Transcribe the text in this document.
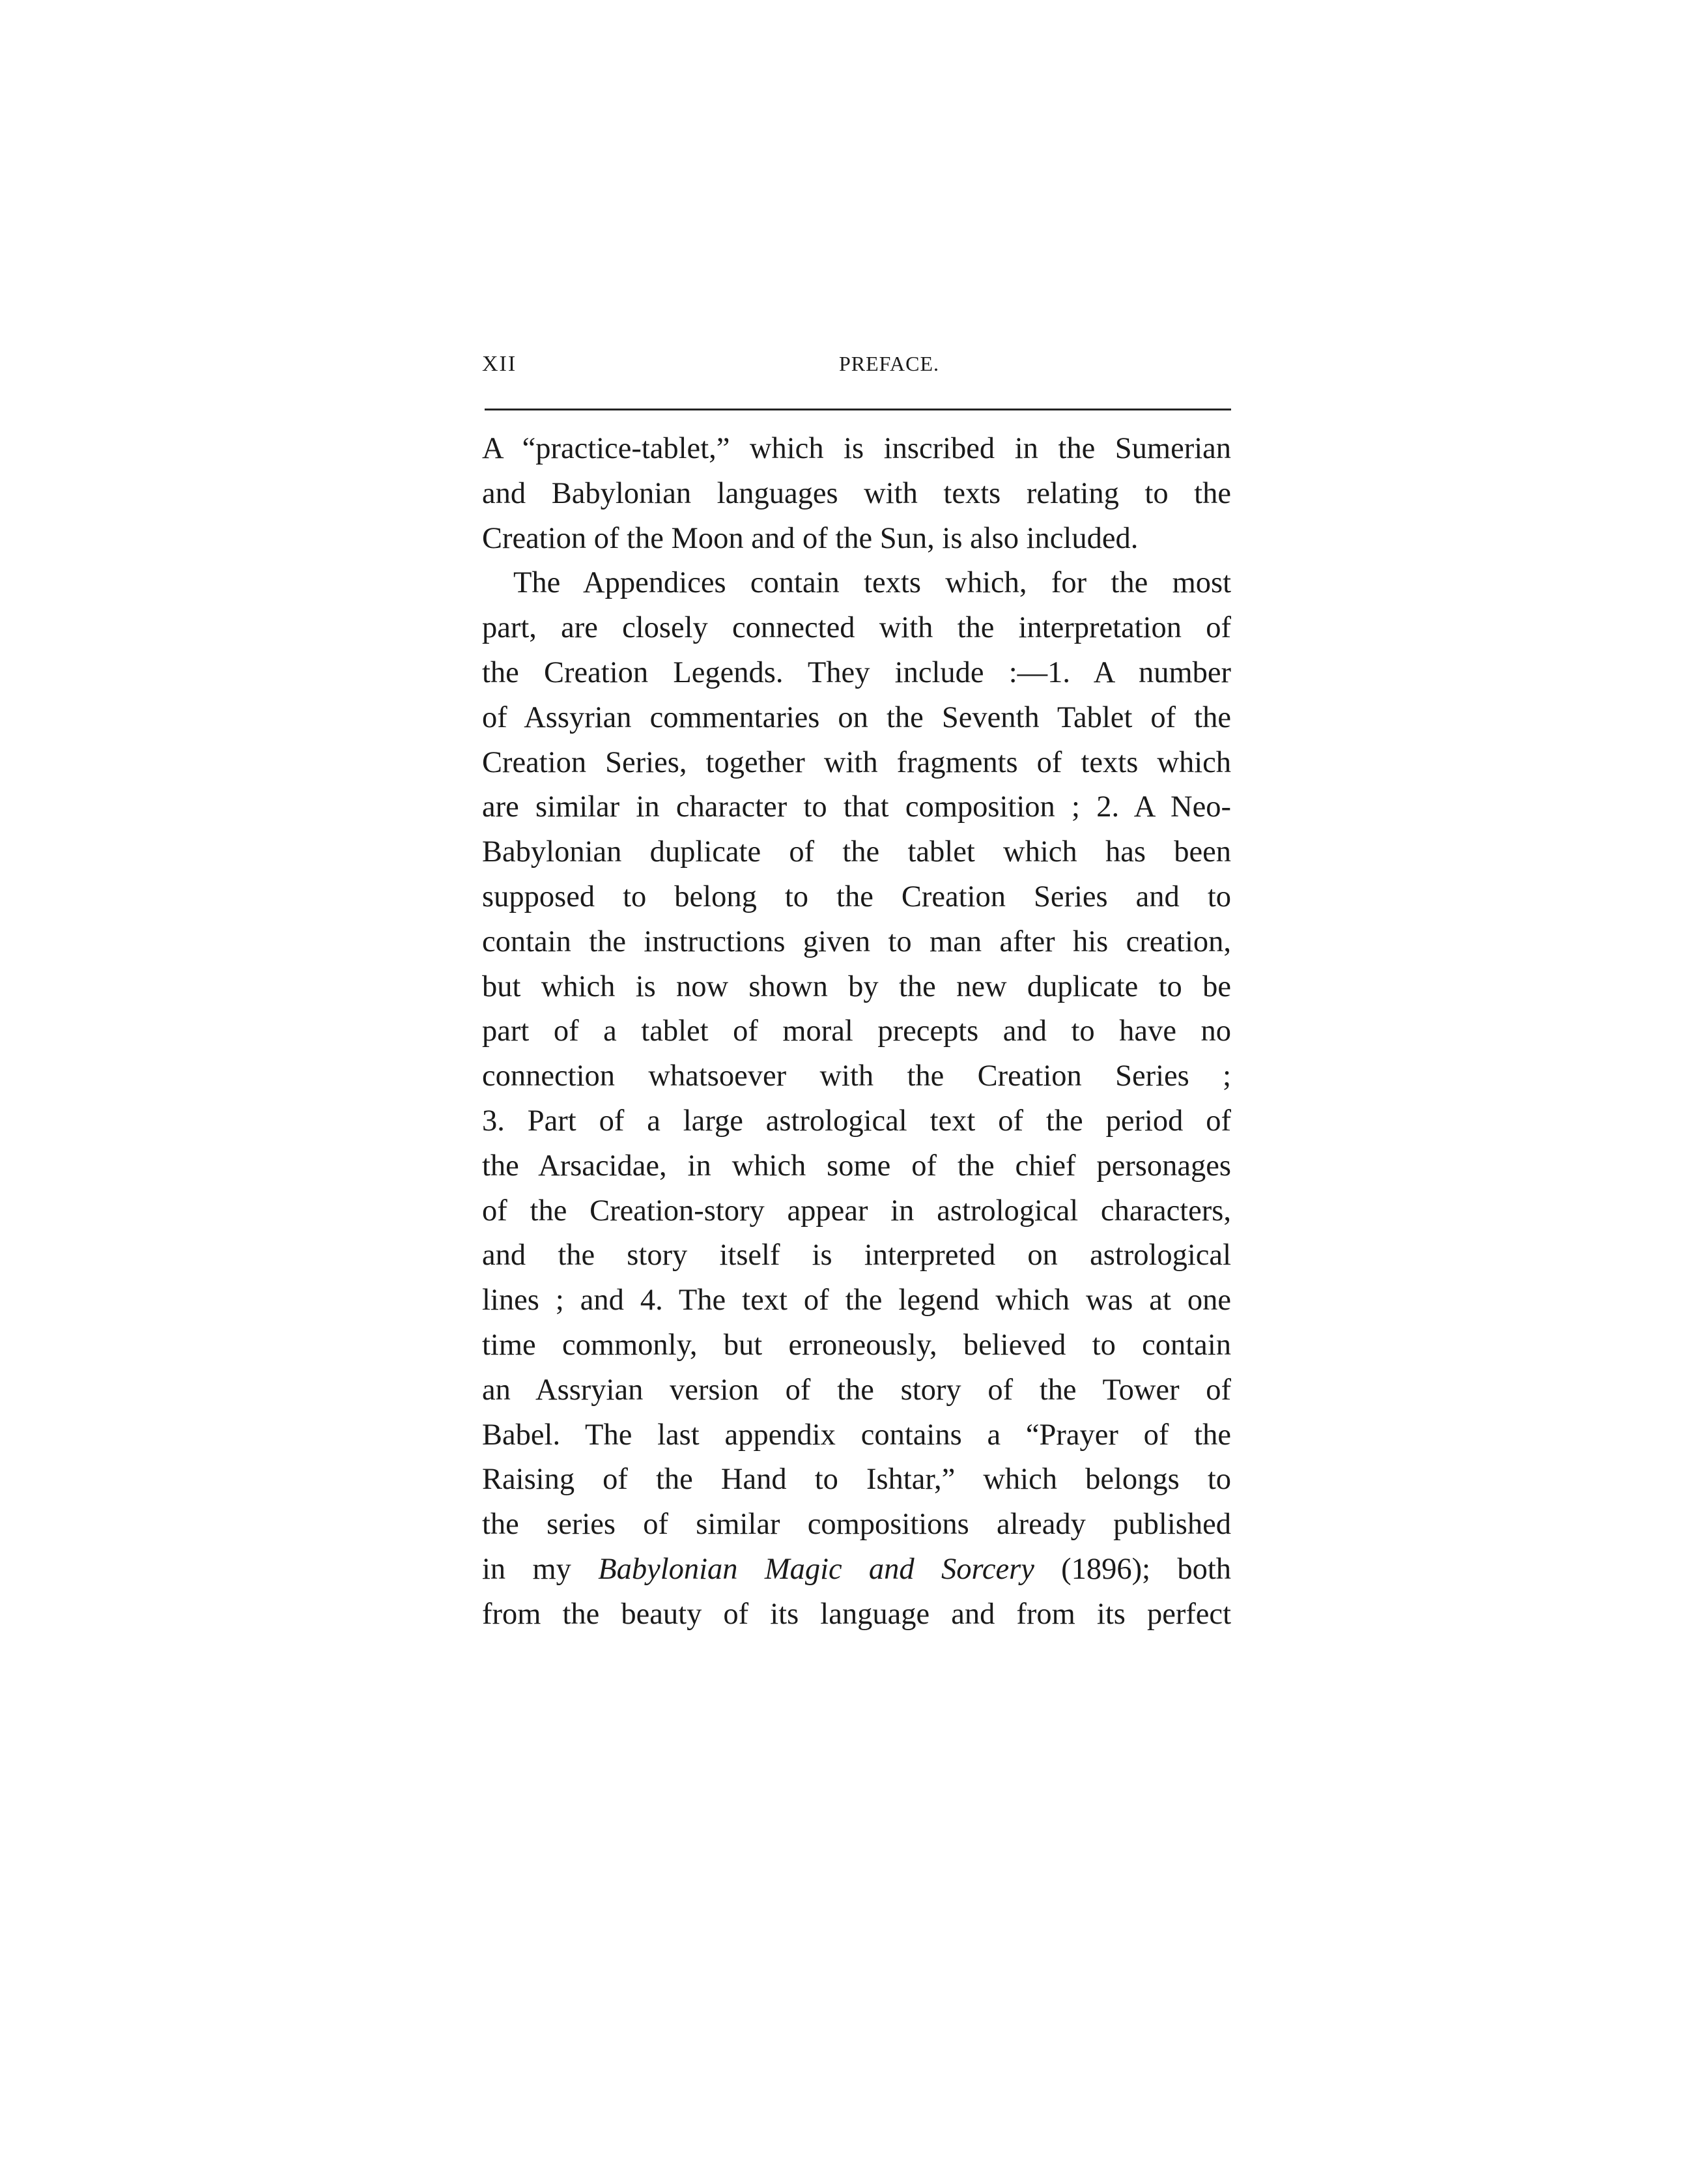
XII	PREFACE.
A “practice-tablet,” which is inscribed in the Sumerian
and Babylonian languages with texts relating to the
Creation of the Moon and of the Sun, is also included.
The Appendices contain texts which, for the most
part, are closely connected with the interpretation of
the Creation Legends. They include :—1. A number
of Assyrian commentaries on the Seventh Tablet of the
Creation Series, together with fragments of texts which
are similar in character to that composition ; 2. A Neo-
Babylonian duplicate of the tablet which has been
supposed to belong to the Creation Series and to
contain the instructions given to man after his creation,
but which is now shown by the new duplicate to be
part of a tablet of moral precepts and to have no
connection whatsoever with the Creation Series ;
3. Part of a large astrological text of the period of
the Arsacidae, in which some of the chief personages
of the Creation-story appear in astrological characters,
and the story itself is interpreted on astrological
lines ; and 4. The text of the legend which was at one
time commonly, but erroneously, believed to contain
an Assryian version of the story of the Tower of
Babel. The last appendix contains a “Prayer of the
Raising of the Hand to Ishtar,” which belongs to
the series of similar compositions already published
in my Babylonian Magic and Sorcery (1896); both
from the beauty of its language and from its perfect
